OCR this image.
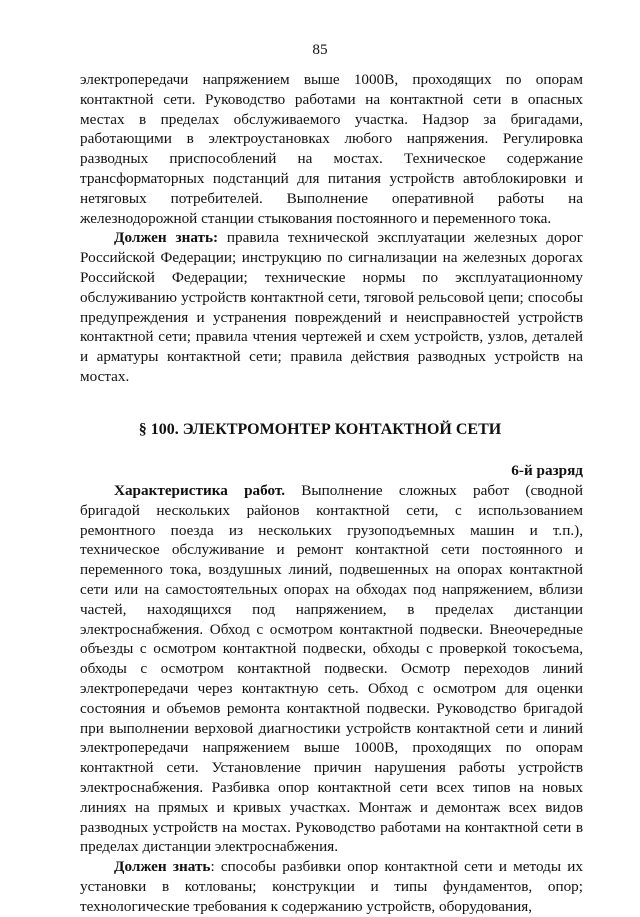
85

электропередачи напряжением выше 1000В, проходящих по опорам контактной сети. Руководство работами на контактной сети в опасных местах в пределах обслуживаемого участка. Надзор за бригадами, работающими в электроустановках любого напряжения. Регулировка разводных приспособлений на мостах. Техническое содержание трансформаторных подстанций для питания устройств автоблокировки и нетяговых потребителей. Выполнение оперативной работы на железнодорожной станции стыкования постоянного и переменного тока.

Должен знать: правила технической эксплуатации железных дорог Российской Федерации; инструкцию по сигнализации на железных дорогах Российской Федерации; технические нормы по эксплуатационному обслуживанию устройств контактной сети, тяговой рельсовой цепи; способы предупреждения и устранения повреждений и неисправностей устройств контактной сети; правила чтения чертежей и схем устройств, узлов, деталей и арматуры контактной сети; правила действия разводных устройств на мостах.

§ 100. ЭЛЕКТРОМОНТЕР КОНТАКТНОЙ СЕТИ
6-й разряд

Характеристика работ. Выполнение сложных работ (сводной бригадой нескольких районов контактной сети, с использованием ремонтного поезда из нескольких грузоподъемных машин и т.п.), техническое обслуживание и ремонт контактной сети постоянного и переменного тока, воздушных линий, подвешенных на опорах контактной сети или на самостоятельных опорах на обходах под напряжением, вблизи частей, находящихся под напряжением, в пределах дистанции электроснабжения. Обход с осмотром контактной подвески. Внеочередные объезды с осмотром контактной подвески, обходы с проверкой токосъема, обходы с осмотром контактной подвески. Осмотр переходов линий электропередачи через контактную сеть. Обход с осмотром для оценки состояния и объемов ремонта контактной подвески. Руководство бригадой при выполнении верховой диагностики устройств контактной сети и линий электропередачи напряжением выше 1000В, проходящих по опорам контактной сети. Установление причин нарушения работы устройств электроснабжения. Разбивка опор контактной сети всех типов на новых линиях на прямых и кривых участках. Монтаж и демонтаж всех видов разводных устройств на мостах. Руководство работами на контактной сети в пределах дистанции электроснабжения.

Должен знать: способы разбивки опор контактной сети и методы их установки в котлованы; конструкции и типы фундаментов, опор; технологические требования к содержанию устройств, оборудования,
